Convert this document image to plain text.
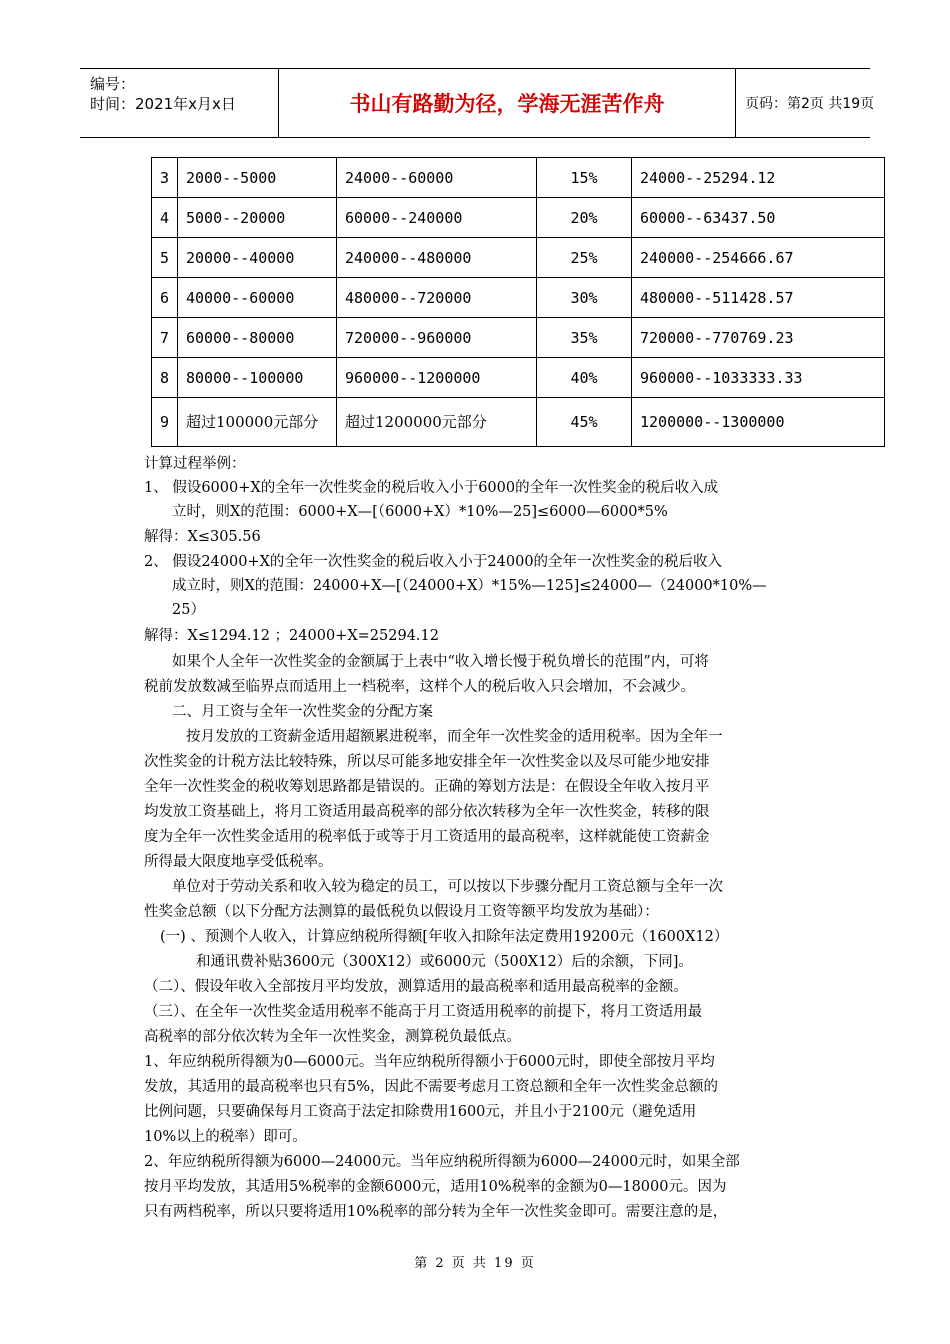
编号：
时间：2021年x月x日	书山有路勤为径，学海无涯苦作舟	页码：第2页 共19页
3	2000--5000	24000--60000	15%	24000--25294.12
4	5000--20000	60000--240000	20%	60000--63437.50
5	20000--40000	240000--480000	25%	240000--254666.67
6	40000--60000	480000--720000	30%	480000--511428.57
7	60000--80000	720000--960000	35%	720000--770769.23
8	80000--100000	960000--1200000	40%	960000--1033333.33
9	超过100000元部分	超过1200000元部分	45%	1200000--1300000
计算过程举例：
1、 假设6000+X的全年一次性奖金的税后收入小于6000的全年一次性奖金的税后收入成
立时，则X的范围：6000+X—[（6000+X）*10%—25]≤6000—6000*5%
解得：X≤305.56
2、 假设24000+X的全年一次性奖金的税后收入小于24000的全年一次性奖金的税后收入
成立时，则X的范围：24000+X—[（24000+X）*15%—125]≤24000—（24000*10%—
25）
解得：X≤1294.12 ；24000+X=25294.12
如果个人全年一次性奖金的金额属于上表中“收入增长慢于税负增长的范围”内，可将
税前发放数减至临界点而适用上一档税率，这样个人的税后收入只会增加，不会减少。
二、月工资与全年一次性奖金的分配方案
按月发放的工资薪金适用超额累进税率，而全年一次性奖金的适用税率。因为全年一
次性奖金的计税方法比较特殊，所以尽可能多地安排全年一次性奖金以及尽可能少地安排
全年一次性奖金的税收筹划思路都是错误的。正确的筹划方法是：在假设全年收入按月平
均发放工资基础上，将月工资适用最高税率的部分依次转移为全年一次性奖金，转移的限
度为全年一次性奖金适用的税率低于或等于月工资适用的最高税率，这样就能使工资薪金
所得最大限度地享受低税率。
单位对于劳动关系和收入较为稳定的员工，可以按以下步骤分配月工资总额与全年一次
性奖金总额（以下分配方法测算的最低税负以假设月工资等额平均发放为基础）：
(一) 、预测个人收入，计算应纳税所得额[年收入扣除年法定费用19200元（1600X12）
和通讯费补贴3600元（300X12）或6000元（500X12）后的余额，下同]。
（二）、假设年收入全部按月平均发放，测算适用的最高税率和适用最高税率的金额。
（三）、在全年一次性奖金适用税率不能高于月工资适用税率的前提下，将月工资适用最
高税率的部分依次转为全年一次性奖金，测算税负最低点。
1、年应纳税所得额为0—6000元。当年应纳税所得额小于6000元时，即使全部按月平均
发放，其适用的最高税率也只有5%，因此不需要考虑月工资总额和全年一次性奖金总额的
比例问题，只要确保每月工资高于法定扣除费用1600元，并且小于2100元（避免适用
10%以上的税率）即可。
2、年应纳税所得额为6000—24000元。当年应纳税所得额为6000—24000元时，如果全部
按月平均发放，其适用5%税率的金额6000元，适用10%税率的金额为0—18000元。因为
只有两档税率，所以只要将适用10%税率的部分转为全年一次性奖金即可。需要注意的是，
第 2 页 共 19 页
